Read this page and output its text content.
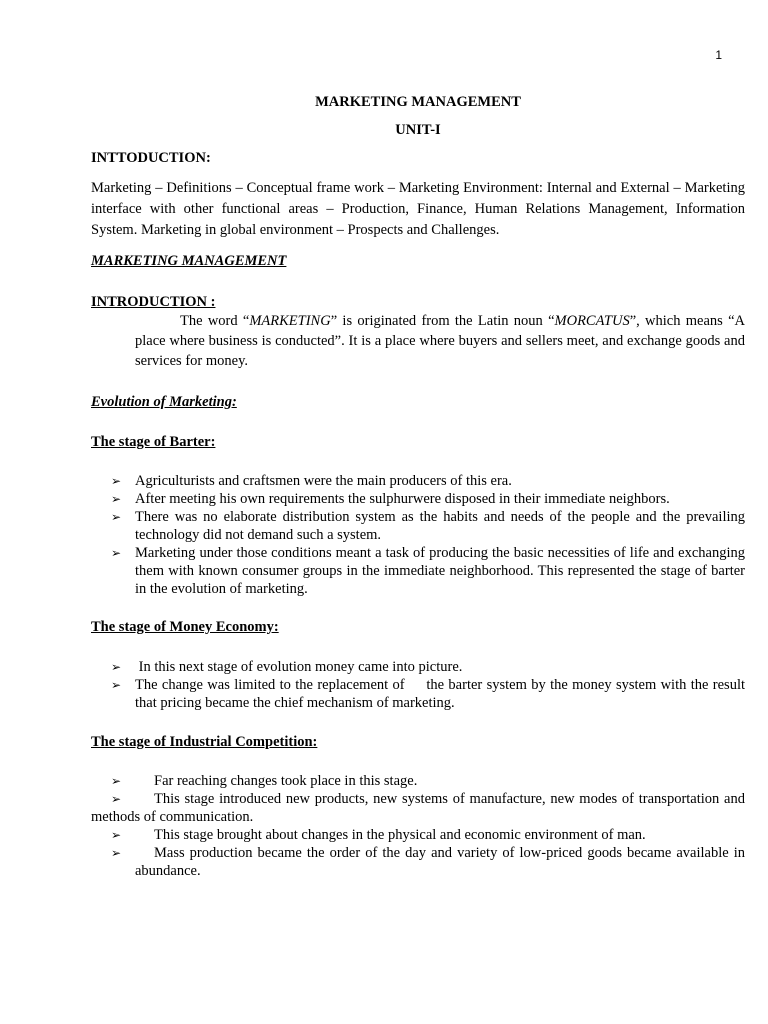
1

MARKETING MANAGEMENT

UNIT-I

INTTODUCTION:

Marketing – Definitions – Conceptual frame work – Marketing Environment: Internal and External – Marketing interface with other functional areas – Production, Finance, Human Relations Management, Information System. Marketing in global environment – Prospects and Challenges.

MARKETING MANAGEMENT

INTRODUCTION :

The word “MARKETING” is originated from the Latin noun “MORCATUS”, which means “A place where business is conducted”. It is a place where buyers and sellers meet, and exchange goods and services for money.

Evolution of Marketing:

The stage of Barter:

➢ Agriculturists and craftsmen were the main producers of this era.
➢ After meeting his own requirements the sulphurwere disposed in their immediate neighbors.
➢ There was no elaborate distribution system as the habits and needs of the people and the prevailing technology did not demand such a system.
➢ Marketing under those conditions meant a task of producing the basic necessities of life and exchanging them with known consumer groups in the immediate neighborhood. This represented the stage of barter in the evolution of marketing.

The stage of Money Economy:

➢ In this next stage of evolution money came into picture.
➢ The change was limited to the replacement of     the barter system by the money system with the result that pricing became the chief mechanism of marketing.

The stage of Industrial Competition:

➢ Far reaching changes took place in this stage.
➢	This stage introduced new products, new systems of manufacture, new modes of transportation and methods of communication.
➢ This stage brought about changes in the physical and economic environment of man.
➢	Mass production became the order of the day and variety of low-priced goods became available in abundance.
